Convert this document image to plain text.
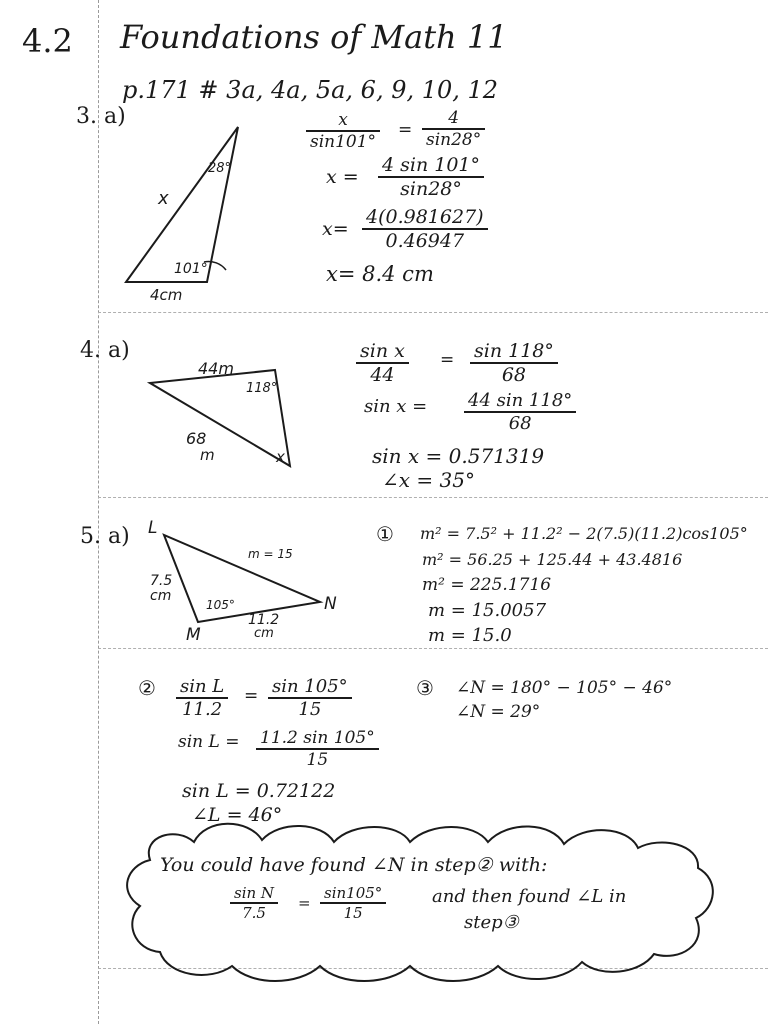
4.2 Foundations of Math 11
p.171 # 3a, 4a, 5a, 6, 9, 10, 12
3. a)
28°
x
101°
4cm
$\frac{x}{\sin 101^\circ} = \frac{4}{\sin 28^\circ}$
$x = \frac{4 \sin 101^\circ}{\sin 28^\circ}$
$x= \frac{4(0.981627)}{0.46947}$
x= 8.4 cm
4. a)
44m
118°
68
m	x
$\frac{\text{sin x}}{44} = \frac{\sin 118^\circ}{68}$
$\sin x = \frac{44 \sin 118^\circ}{68}$
sin x = 0.571319
∠x = 35°
5. a) L
M
N
7.5
cm
11.2
cm
m = 15
105°
① m² = 7.5² + 11.2² − 2(7.5)(11.2)cos105°
m² = 56.25 + 125.44 + 43.4816
m² = 225.1716
m = 15.0057
m = 15.0
② $\frac{\text{sin L}}{11.2} = \frac{\sin 105^\circ}{15}$
$\sin L = \frac{11.2 \sin 105^\circ}{15}$
sin L = 0.72122
∠L = 46°
③ ∠N = 180° − 105° − 46°
∠N = 29°
You could have found ∠N in step② with:
$\frac{\text{sin N}}{7.5} = \frac{\sin 105^\circ}{15}$	and then found ∠L in
step③
